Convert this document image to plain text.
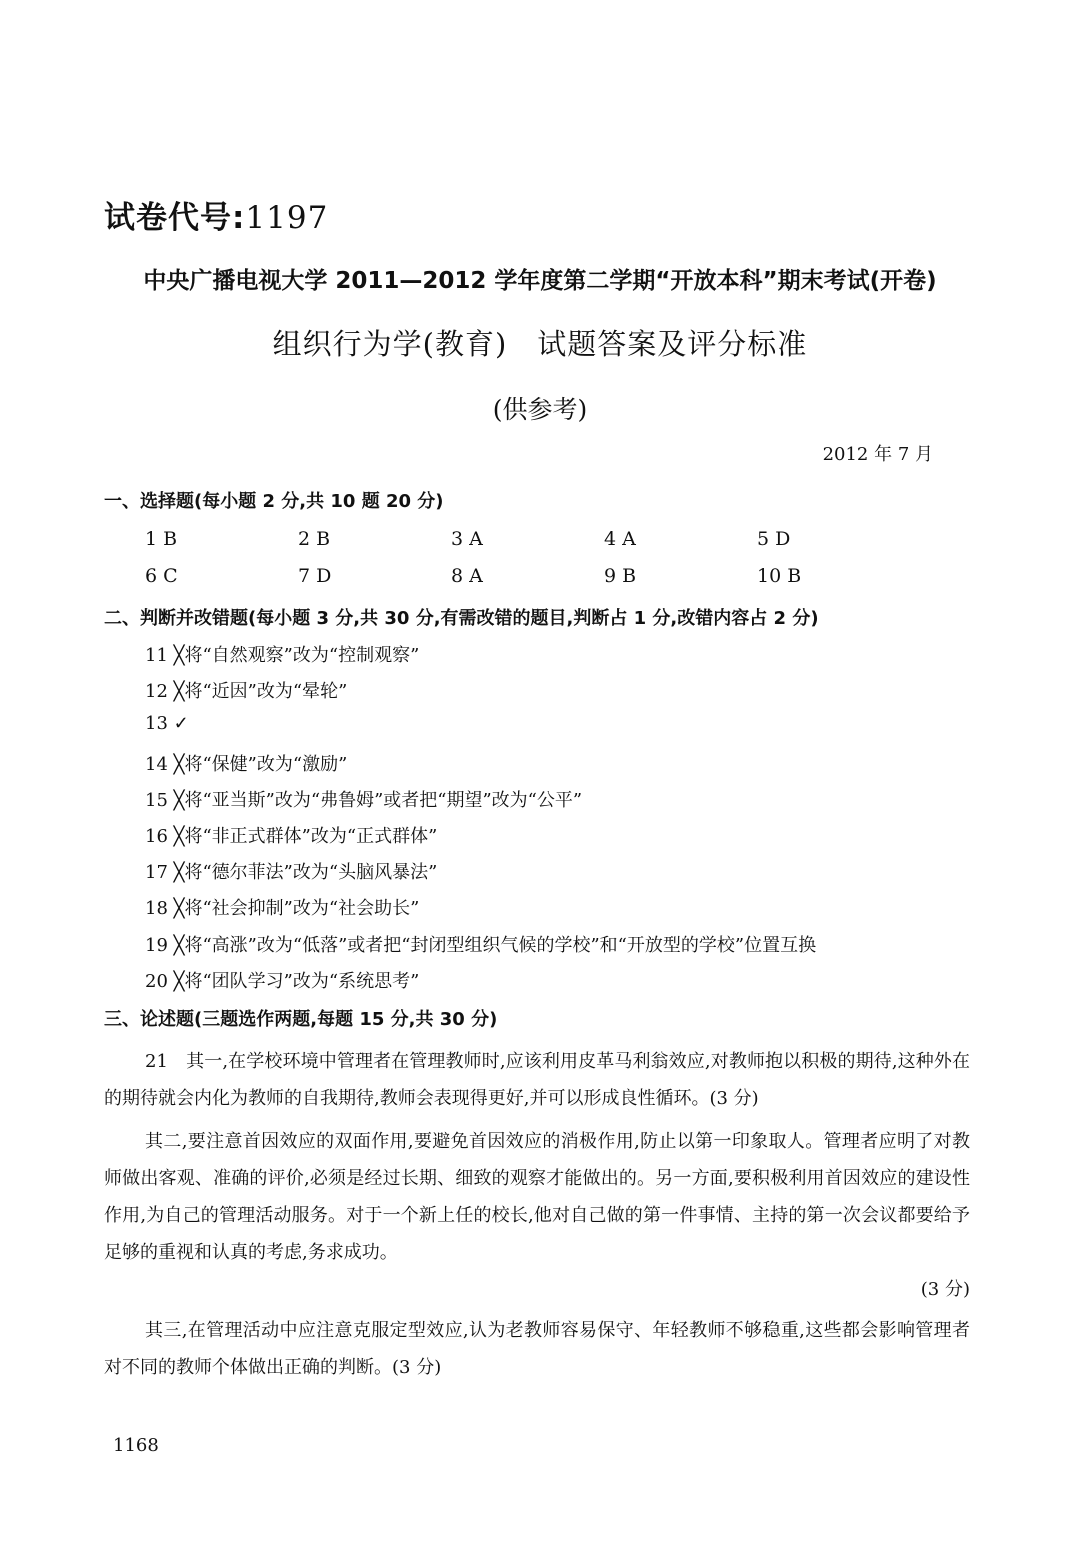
试卷代号:1197
中央广播电视大学 2011—2012 学年度第二学期“开放本科”期末考试(开卷)
组织行为学(教育)　试题答案及评分标准
(供参考)
2012 年 7 月
一、选择题(每小题 2 分,共 10 题 20 分)
1 B	2 B	3 A	4 A	5 D
6 C	7 D	8 A	9 B	10 B
二、判断并改错题(每小题 3 分,共 30 分,有需改错的题目,判断占 1 分,改错内容占 2 分)
11 ╳将“自然观察”改为“控制观察”
12 ╳将“近因”改为“晕轮”
13 ✓
14 ╳将“保健”改为“激励”
15 ╳将“亚当斯”改为“弗鲁姆”或者把“期望”改为“公平”
16 ╳将“非正式群体”改为“正式群体”
17 ╳将“德尔菲法”改为“头脑风暴法”
18 ╳将“社会抑制”改为“社会助长”
19 ╳将“高涨”改为“低落”或者把“封闭型组织气候的学校”和“开放型的学校”位置互换
20 ╳将“团队学习”改为“系统思考”
三、论述题(三题选作两题,每题 15 分,共 30 分)

21　其一,在学校环境中管理者在管理教师时,应该利用皮革马利翁效应,对教师抱以积极的期待,这种外在的期待就会内化为教师的自我期待,教师会表现得更好,并可以形成良性循环。(3 分)

其二,要注意首因效应的双面作用,要避免首因效应的消极作用,防止以第一印象取人。管理者应明了对教师做出客观、准确的评价,必须是经过长期、细致的观察才能做出的。另一方面,要积极利用首因效应的建设性作用,为自己的管理活动服务。对于一个新上任的校长,他对自己做的第一件事情、主持的第一次会议都要给予足够的重视和认真的考虑,务求成功。

(3 分)

其三,在管理活动中应注意克服定型效应,认为老教师容易保守、年轻教师不够稳重,这些都会影响管理者对不同的教师个体做出正确的判断。(3 分)

1168
